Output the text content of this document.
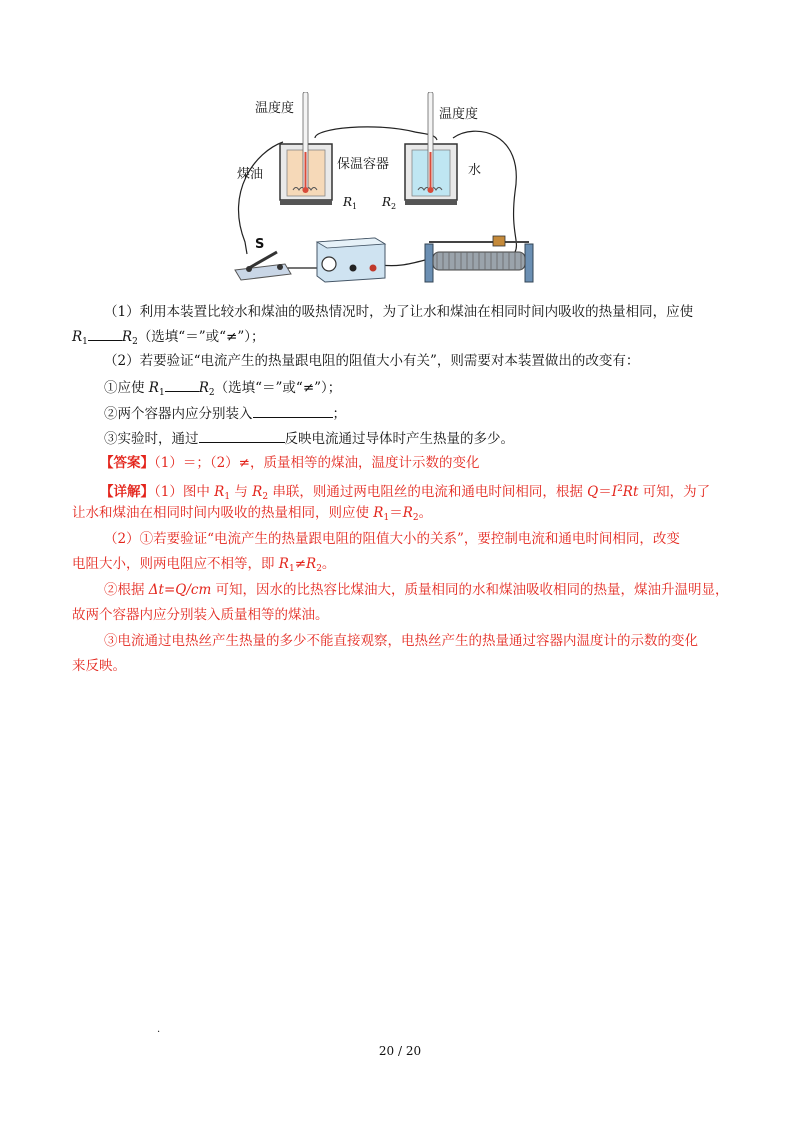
温度度	温度度
煤油
保温容器	水
$R_1$ $R_2$
S
（1）利用本装置比较水和煤油的吸热情况时，为了让水和煤油在相同时间内吸收的热量相同，应使
$R_1$	$R_2$（选填“＝”或“≠”）；
（2）若要验证“电流产生的热量跟电阻的阻值大小有关”，则需要对本装置做出的改变有：
①应使 $R_1$	$R_2$（选填“＝”或“≠”）；
②两个容器内应分别装入	；
③实验时，通过	反映电流通过导体时产生热量的多少。
【答案】（1）＝；（2）≠，质量相等的煤油，温度计示数的变化
【详解】（1）图中 $R_1$ 与 $R_2$ 串联，则通过两电阻丝的电流和通电时间相同，根据 $Q=I^2Rt$ 可知，为了
让水和煤油在相同时间内吸收的热量相同，则应使 $R_1=R_2$。
（2）①若要验证“电流产生的热量跟电阻的阻值大小的关系”，要控制电流和通电时间相同，改变
电阻大小，则两电阻应不相等，即 $R_1\ne R_2$。
②根据 Δt=Q/cm 可知，因水的比热容比煤油大，质量相同的水和煤油吸收相同的热量，煤油升温明显，
故两个容器内应分别装入质量相等的煤油。
③电流通过电热丝产生热量的多少不能直接观察，电热丝产生的热量通过容器内温度计的示数的变化
来反映。
.
20 / 20
